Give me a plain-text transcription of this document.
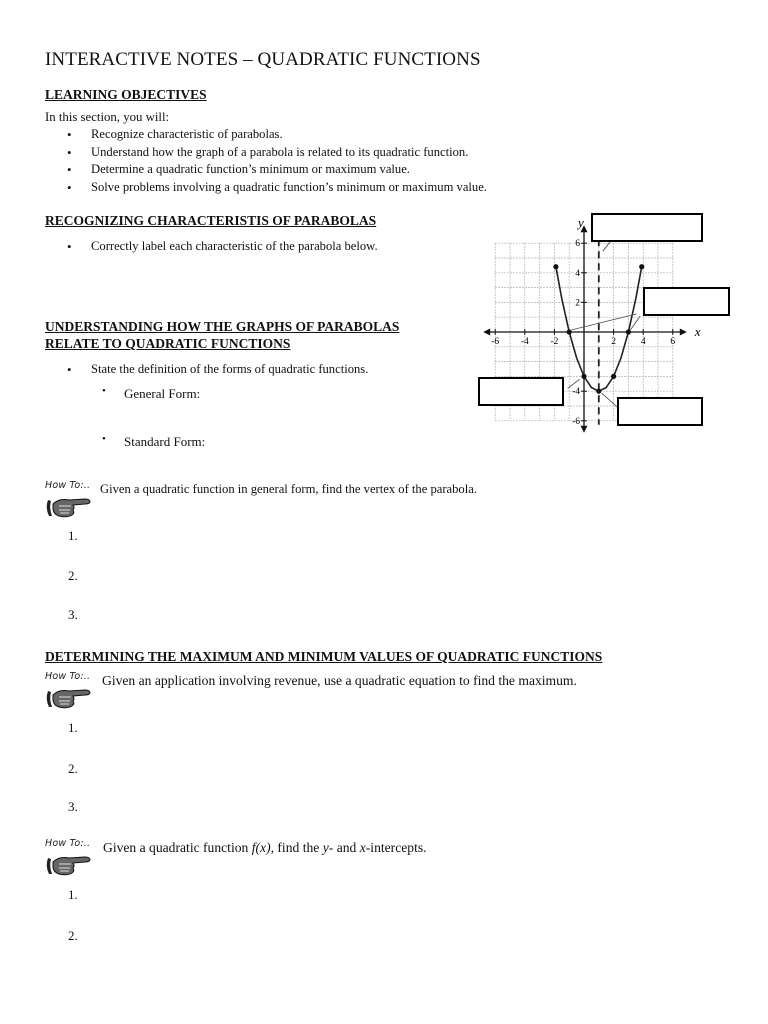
INTERACTIVE NOTES – QUADRATIC FUNCTIONS
LEARNING OBJECTIVES
In this section, you will:
• Recognize characteristic of parabolas.
• Understand how the graph of a parabola is related to its quadratic function.
• Determine a quadratic function’s minimum or maximum value.
• Solve problems involving a quadratic function’s minimum or maximum value.
RECOGNIZING CHARACTERISTIS OF PARABOLAS
• Correctly label each characteristic of the parabola below.
UNDERSTANDING HOW THE GRAPHS OF PARABOLAS
RELATE TO QUADRATIC FUNCTIONS
• State the definition of the forms of quadratic functions.
• General Form:
• Standard Form:
x
y
-6 -4 -2	2	4	6
6
4
2
-4
-6
How To:.. Given a quadratic function in general form, find the vertex of the parabola.
1.
2.
3.
DETERMINING THE MAXIMUM AND MINIMUM VALUES OF QUADRATIC FUNCTIONS
How To:.. Given an application involving revenue, use a quadratic equation to find the maximum.
1.
2.
3.
How To:.. Given a quadratic function f(x), find the y- and x-intercepts.
1.
2.
